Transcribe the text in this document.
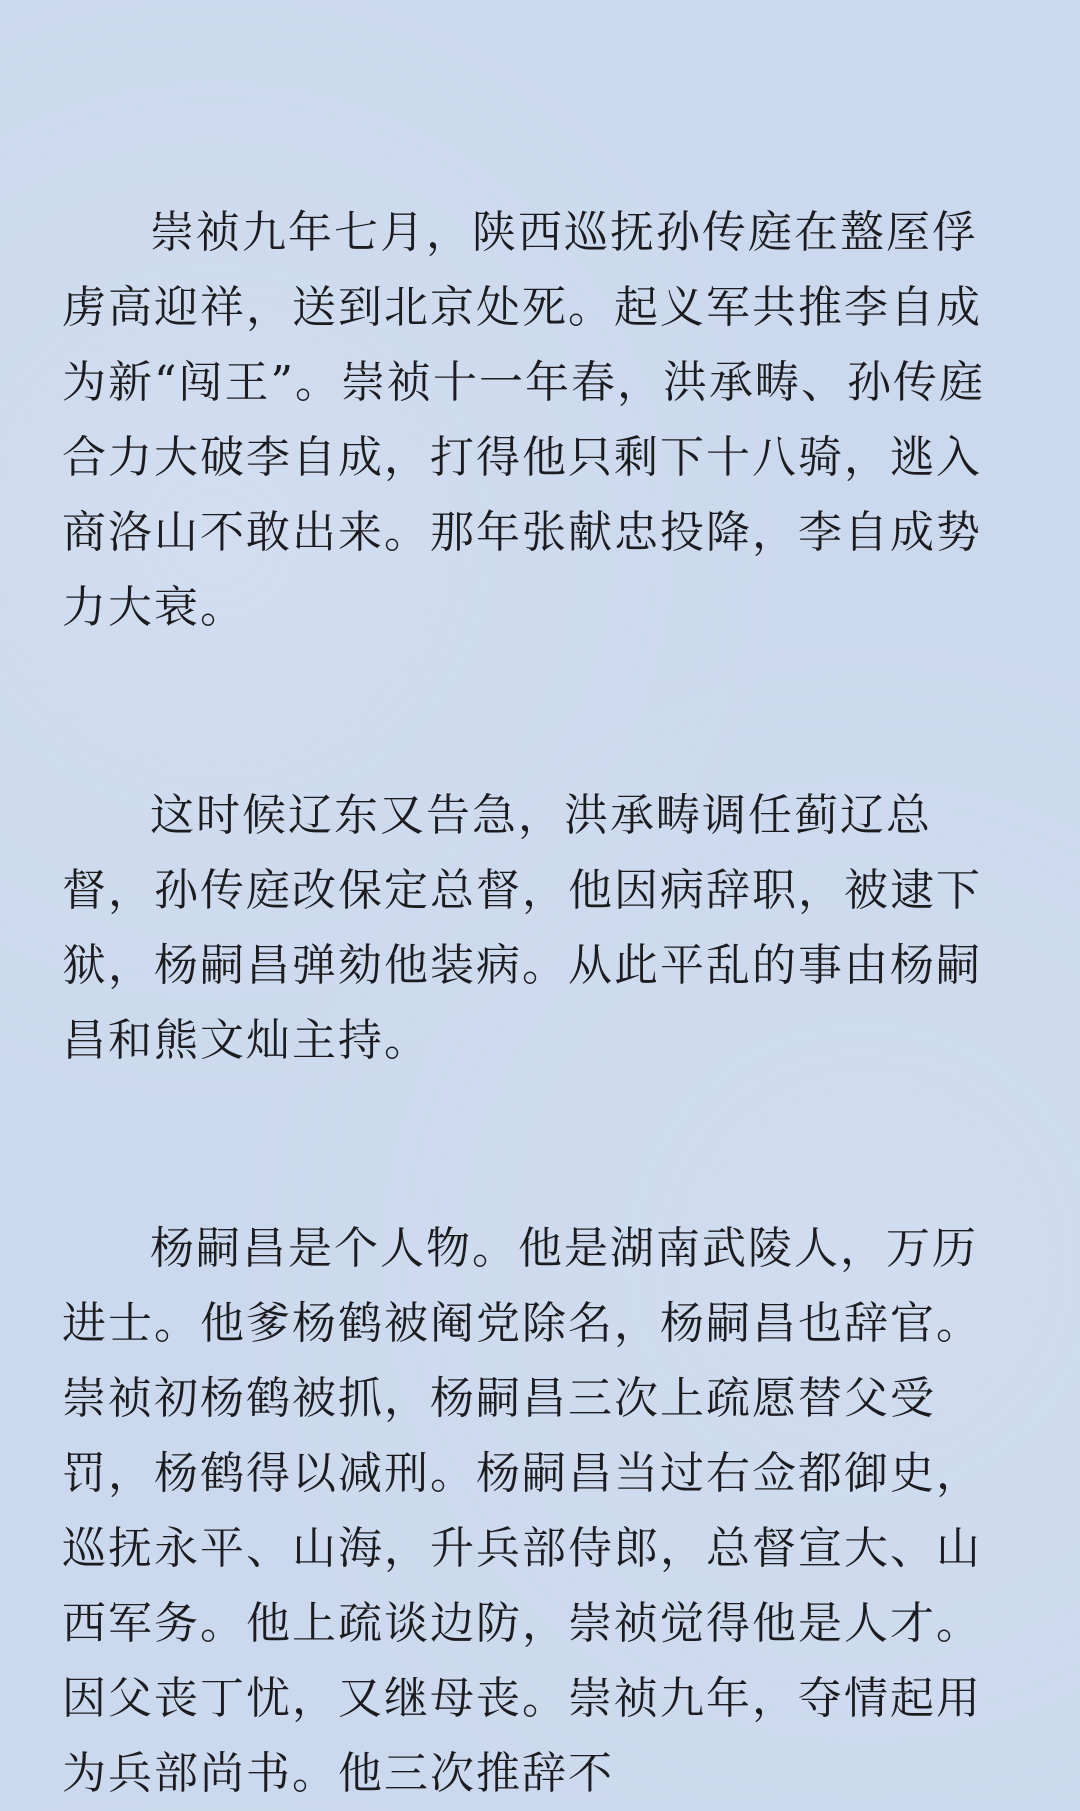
崇祯九年七月，陕西巡抚孙传庭在盩厔俘虏高迎祥，送到北京处死。起义军共推李自成为新“闯王”。崇祯十一年春，洪承畴、孙传庭合力大破李自成，打得他只剩下十八骑，逃入商洛山不敢出来。那年张献忠投降，李自成势力大衰。

这时候辽东又告急，洪承畴调任蓟辽总督，孙传庭改保定总督，他因病辞职，被逮下狱，杨嗣昌弹劾他装病。从此平乱的事由杨嗣昌和熊文灿主持。

杨嗣昌是个人物。他是湖南武陵人，万历进士。他爹杨鹤被阉党除名，杨嗣昌也辞官。崇祯初杨鹤被抓，杨嗣昌三次上疏愿替父受罚，杨鹤得以减刑。杨嗣昌当过右佥都御史，巡抚永平、山海，升兵部侍郎，总督宣大、山西军务。他上疏谈边防，崇祯觉得他是人才。因父丧丁忧，又继母丧。崇祯九年，夺情起用为兵部尚书。他三次推辞不
